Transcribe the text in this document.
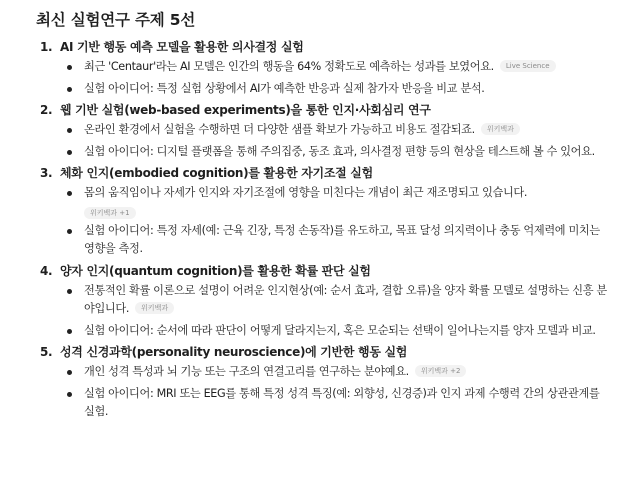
최신 실험연구 주제 5선
1. AI 기반 행동 예측 모델을 활용한 의사결정 실험
최근 'Centaur'라는 AI 모델은 인간의 행동을 64% 정확도로 예측하는 성과를 보였어요. Live Science
실험 아이디어: 특정 실험 상황에서 AI가 예측한 반응과 실제 참가자 반응을 비교 분석.
2. 웹 기반 실험(web-based experiments)을 통한 인지·사회심리 연구
온라인 환경에서 실험을 수행하면 더 다양한 샘플 확보가 가능하고 비용도 절감되죠. 위키백과
실험 아이디어: 디지털 플랫폼을 통해 주의집중, 동조 효과, 의사결정 편향 등의 현상을 테스트해 볼 수 있어요.
3. 체화 인지(embodied cognition)를 활용한 자기조절 실험
몸의 움직임이나 자세가 인지와 자기조절에 영향을 미친다는 개념이 최근 재조명되고 있습니다.
위키백과 +1
실험 아이디어: 특정 자세(예: 근육 긴장, 특정 손동작)를 유도하고, 목표 달성 의지력이나 충동 억제력에 미치는 영향을 측정.
4. 양자 인지(quantum cognition)를 활용한 확률 판단 실험
전통적인 확률 이론으로 설명이 어려운 인지현상(예: 순서 효과, 결합 오류)을 양자 확률 모델로 설명하는 신흥 분야입니다. 위키백과
실험 아이디어: 순서에 따라 판단이 어떻게 달라지는지, 혹은 모순되는 선택이 일어나는지를 양자 모델과 비교.
5. 성격 신경과학(personality neuroscience)에 기반한 행동 실험
개인 성격 특성과 뇌 기능 또는 구조의 연결고리를 연구하는 분야예요. 위키백과 +2
실험 아이디어: MRI 또는 EEG를 통해 특정 성격 특징(예: 외향성, 신경증)과 인지 과제 수행력 간의 상관관계를 실험.
